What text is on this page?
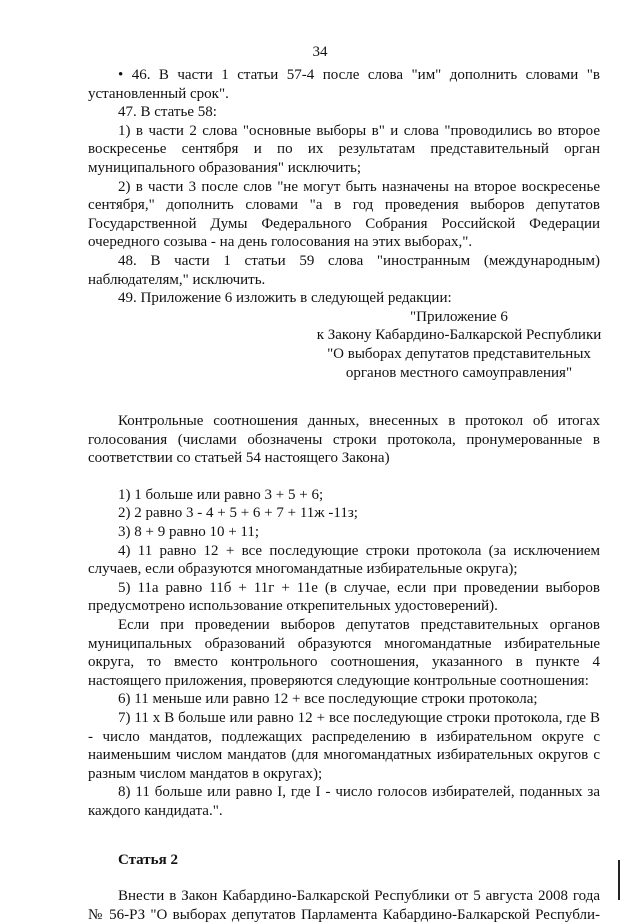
34

• 46. В части 1 статьи 57-4 после слова "им" дополнить словами "в установленный срок".

47. В статье 58:

1) в части 2 слова "основные выборы в" и слова "проводились во второе воскресенье сентября и по их результатам представительный орган муниципального образования" исключить;

2) в части 3 после слов "не могут быть назначены на второе воскресенье сентября," дополнить словами "а в год проведения выборов депутатов Государственной Думы Федерального Собрания Российской Федерации очередного созыва - на день голосования на этих выборах,".

48. В части 1 статьи 59 слова "иностранным (международным) наблюдателям," исключить.

49. Приложение 6 изложить в следующей редакции:

"Приложение 6
к Закону Кабардино-Балкарской Республики
"О выборах депутатов представительных
органов местного самоуправления"

Контрольные соотношения данных, внесенных в протокол об итогах голосования (числами обозначены строки протокола, пронумерованные в соответствии со статьей 54 настоящего Закона)

1) 1 больше или равно 3 + 5 + 6;

2) 2 равно 3 - 4 + 5 + 6 + 7 + 11ж -11з;

3) 8 + 9 равно 10 + 11;

4) 11 равно 12 + все последующие строки протокола (за исключением случаев, если образуются многомандатные избирательные округа);

5) 11а равно 11б + 11г + 11е (в случае, если при проведении выборов предусмотрено использование открепительных удостоверений).

Если при проведении выборов депутатов представительных органов муниципальных образований образуются многомандатные избирательные округа, то вместо контрольного соотношения, указанного в пункте 4 настоящего приложения, проверяются следующие контрольные соотношения:

6) 11 меньше или равно 12 + все последующие строки протокола;

7) 11 х В больше или равно 12 + все последующие строки протокола, где В - число мандатов, подлежащих распределению в избирательном округе с наименьшим числом мандатов (для многомандатных избирательных округов с разным числом мандатов в округах);

8) 11 больше или равно I, где I - число голосов избирателей, поданных за каждого кандидата.".

Статья 2

Внести в Закон Кабардино-Балкарской Республики от 5 августа 2008 года № 56-РЗ "О выборах депутатов Парламента Кабардино-Балкарской Республи-
